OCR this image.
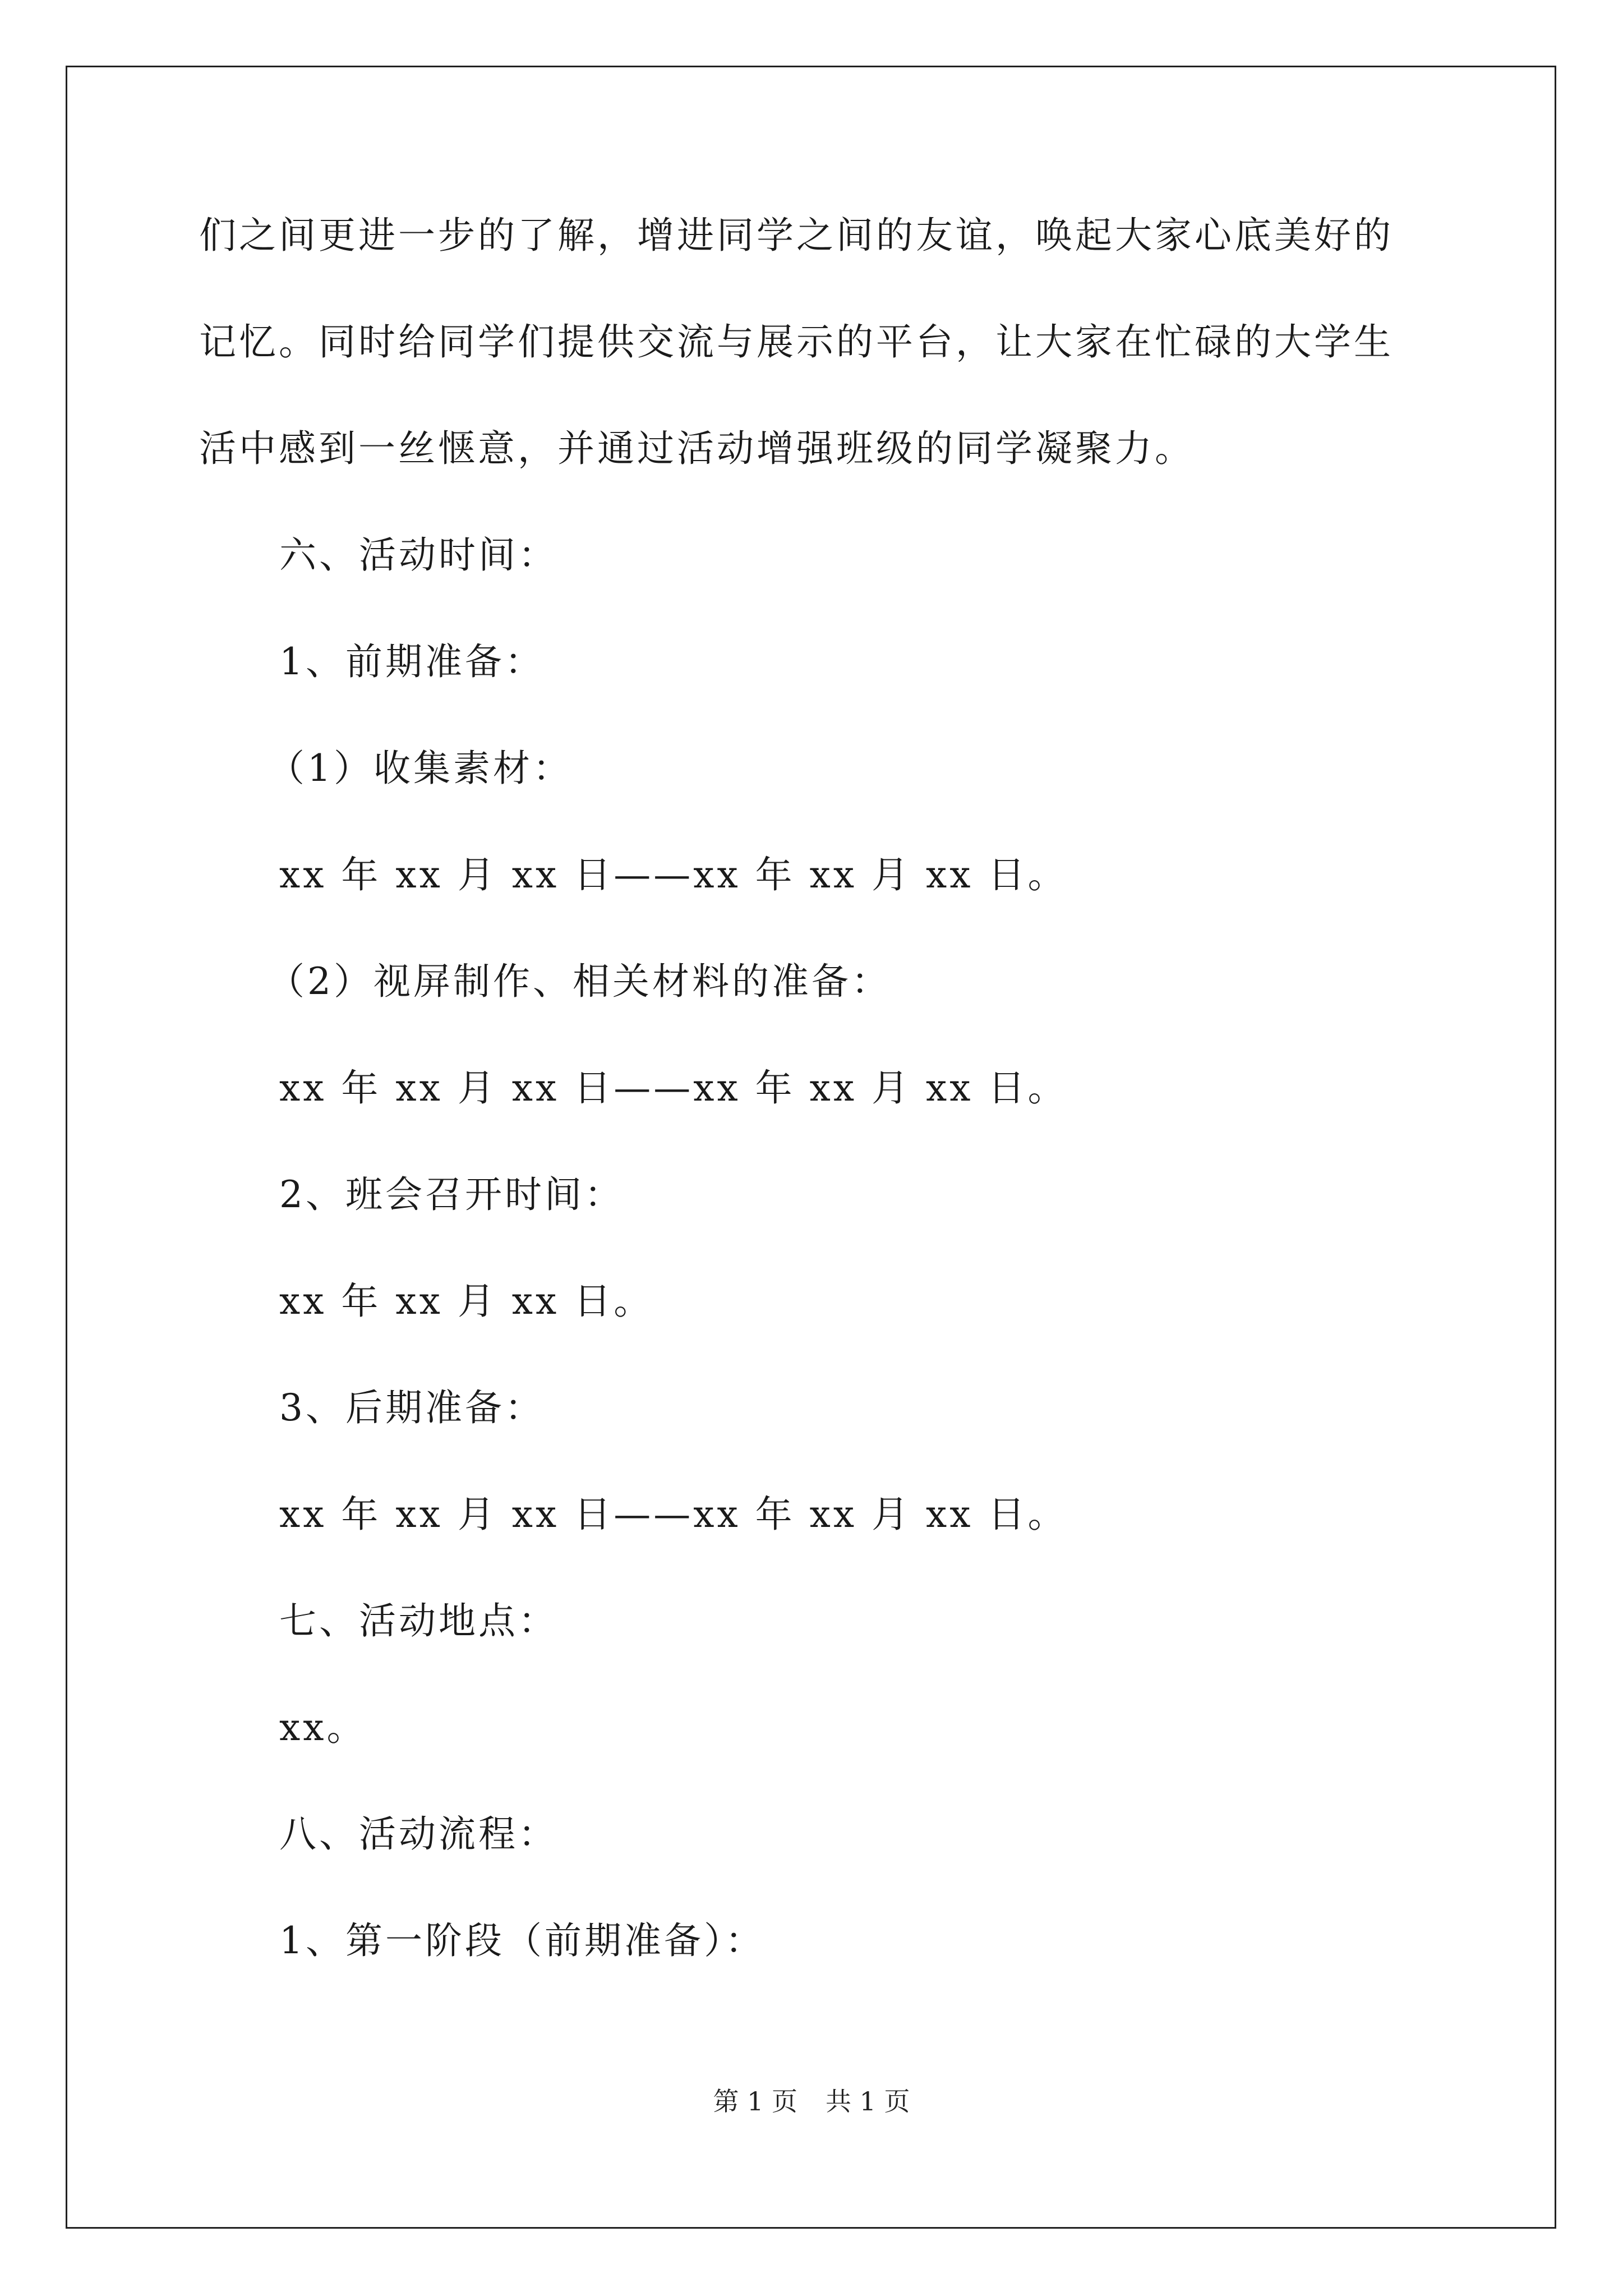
们之间更进一步的了解，增进同学之间的友谊，唤起大家心底美好的
记忆。同时给同学们提供交流与展示的平台，让大家在忙碌的大学生
活中感到一丝惬意，并通过活动增强班级的同学凝聚力。
六、活动时间：
1、前期准备：
（1）收集素材：
xx 年 xx 月 xx 日——xx 年 xx 月 xx 日。
（2）视屏制作、相关材料的准备：
xx 年 xx 月 xx 日——xx 年 xx 月 xx 日。
2、班会召开时间：
xx 年 xx 月 xx 日。
3、后期准备：
xx 年 xx 月 xx 日——xx 年 xx 月 xx 日。
七、活动地点：
xx。
八、活动流程：
1、第一阶段（前期准备）：
第 1 页 共 1 页
